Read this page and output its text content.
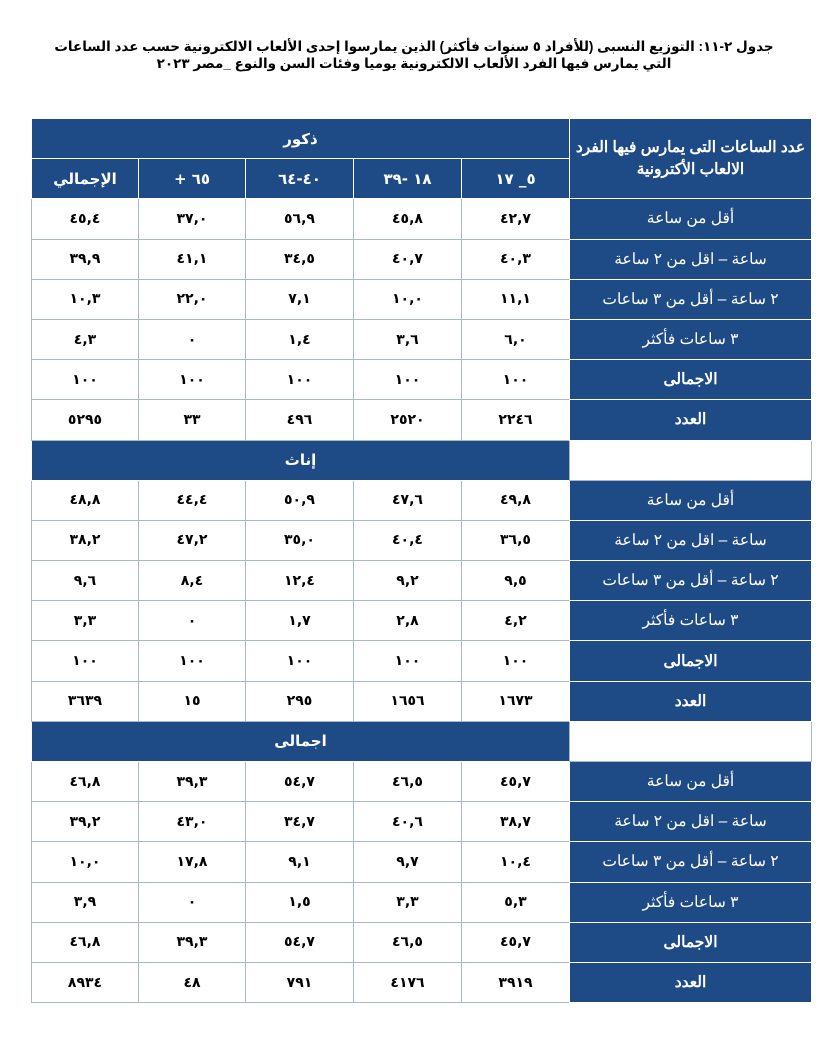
جدول ٢-١١: التوزيع النسبى (للأفراد ٥ سنوات فأكثر) الذين يمارسوا إحدى الألعاب الالكترونية حسب عدد الساعات
التي يمارس فيها الفرد الألعاب الالكترونية يوميا وفئات السن والنوع _مصر ٢٠٢٣
عدد الساعات التى يمارس فيها الفرد الالعاب الأكترونية	ذكور				
	٥_ ١٧	١٨ -٣٩	٤٠-٦٤	٦٥ +	الإجمالي
أقل من ساعة	٤٢,٧	٤٥,٨	٥٦,٩	٣٧,٠	٤٥,٤
ساعة – اقل من ٢ ساعة	٤٠,٣	٤٠,٧	٣٤,٥	٤١,١	٣٩,٩
٢ ساعة – أقل من ٣ ساعات	١١,١	١٠,٠	٧,١	٢٢,٠	١٠,٣
٣ ساعات فأكثر	٦,٠	٣,٦	١,٤	٠	٤,٣
الاجمالى	١٠٠	١٠٠	١٠٠	١٠٠	١٠٠
العدد	٢٢٤٦	٢٥٢٠	٤٩٦	٣٣	٥٢٩٥
	إناث				
أقل من ساعة	٤٩,٨	٤٧,٦	٥٠,٩	٤٤,٤	٤٨,٨
ساعة – اقل من ٢ ساعة	٣٦,٥	٤٠,٤	٣٥,٠	٤٧,٢	٣٨,٢
٢ ساعة – أقل من ٣ ساعات	٩,٥	٩,٢	١٢,٤	٨,٤	٩,٦
٣ ساعات فأكثر	٤,٢	٢,٨	١,٧	٠	٣,٣
الاجمالى	١٠٠	١٠٠	١٠٠	١٠٠	١٠٠
العدد	١٦٧٣	١٦٥٦	٢٩٥	١٥	٣٦٣٩
	اجمالى				
أقل من ساعة	٤٥,٧	٤٦,٥	٥٤,٧	٣٩,٣	٤٦,٨
ساعة – اقل من ٢ ساعة	٣٨,٧	٤٠,٦	٣٤,٧	٤٣,٠	٣٩,٢
٢ ساعة – أقل من ٣ ساعات	١٠,٤	٩,٧	٩,١	١٧,٨	١٠,٠
٣ ساعات فأكثر	٥,٣	٣,٣	١,٥	٠	٣,٩
الاجمالى	٤٥,٧	٤٦,٥	٥٤,٧	٣٩,٣	٤٦,٨
العدد	٣٩١٩	٤١٧٦	٧٩١	٤٨	٨٩٣٤
